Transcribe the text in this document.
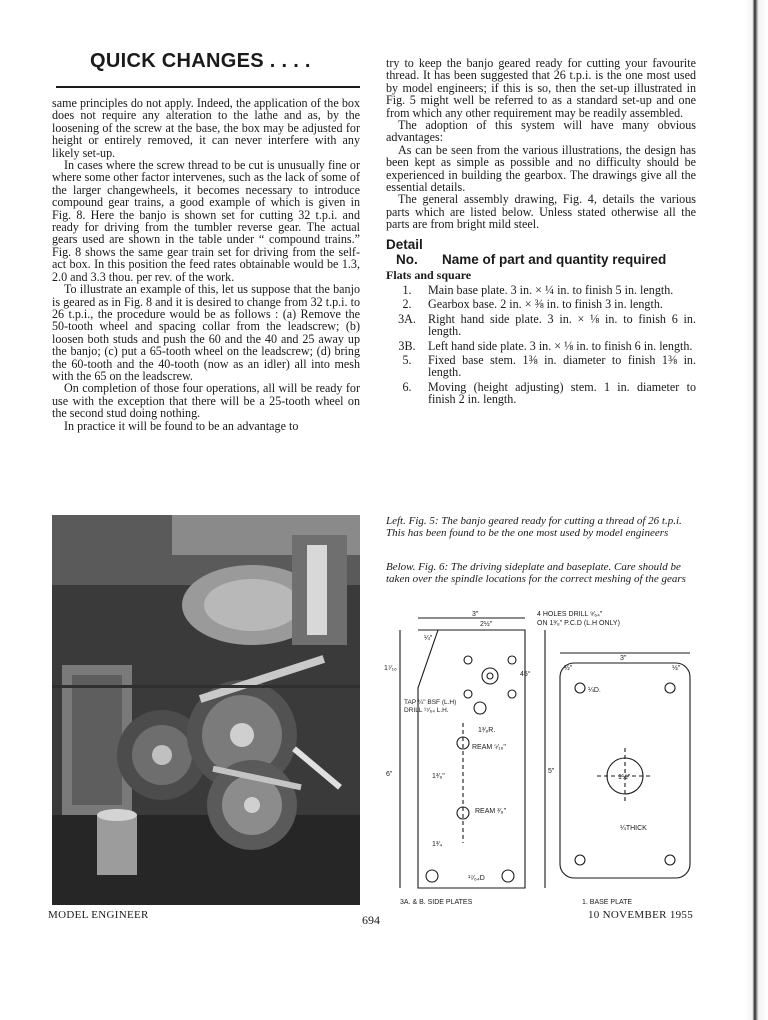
QUICK CHANGES . . . .

same principles do not apply. Indeed, the application of the box does not require any alteration to the lathe and as, by the loosening of the screw at the base, the box may be adjusted for height or entirely removed, it can never interfere with any likely set-up.

In cases where the screw thread to be cut is unusually fine or where some other factor intervenes, such as the lack of some of the larger changewheels, it becomes necessary to introduce compound gear trains, a good example of which is given in Fig. 8. Here the banjo is shown set for cutting 32 t.p.i. and ready for driving from the tumbler reverse gear. The actual gears used are shown in the table under “ compound trains.” Fig. 8 shows the same gear train set for driving from the self-act box. In this position the feed rates obtainable would be 1.3, 2.0 and 3.3 thou. per rev. of the work.

To illustrate an example of this, let us suppose that the banjo is geared as in Fig. 8 and it is desired to change from 32 t.p.i. to 26 t.p.i., the procedure would be as follows : (a) Remove the 50-tooth wheel and spacing collar from the leadscrew; (b) loosen both studs and push the 60 and the 40 and 25 away up the banjo; (c) put a 65-tooth wheel on the leadscrew; (d) bring the 60-tooth and the 40-tooth (now as an idler) all into mesh with the 65 on the leadscrew.

On completion of those four operations, all will be ready for use with the exception that there will be a 25-tooth wheel on the second stud doing nothing.

In practice it will be found to be an advantage to

try to keep the banjo geared ready for cutting your favourite thread. It has been suggested that 26 t.p.i. is the one most used by model engineers; if this is so, then the set-up illustrated in Fig. 5 might well be referred to as a standard set-up and one from which any other requirement may be readily assembled.

The adoption of this system will have many obvious advantages:

As can be seen from the various illustrations, the design has been kept as simple as possible and no difficulty should be experienced in building the gearbox. The drawings give all the essential details.

The general assembly drawing, Fig. 4, details the various parts which are listed below. Unless stated otherwise all the parts are from bright mild steel.

Detail
No.	Name of part and quantity required
Flats and square
1.	Main base plate. 3 in. × ¼ in. to finish 5 in. length.
2.	Gearbox base. 2 in. × ⅜ in. to finish 3 in. length.
3A. Right hand side plate. 3 in. × ⅛ in. to finish 6 in. length.
3B.	Left hand side plate. 3 in. × ⅛ in. to finish 6 in. length.
5.	Fixed base stem. 1⅜ in. diameter to finish 1⅜ in. length.
6.	Moving (height adjusting) stem. 1 in. diameter to finish 2 in. length.
Left. Fig. 5: The banjo geared ready for cutting a thread of 26 t.p.i. This has been found to be the one most used by model engineers
Below. Fig. 6: The driving sideplate and baseplate. Care should be taken over the spindle locations for the correct meshing of the gears
3"
2½"
¼"
1⁷⁄₁₆
45°
4 HOLES DRILL ⁹⁄₆₄"
ON 1³⁄₈" P.C.D (L.H ONLY)
TAP ¼" BSF (L.H)
DRILL ¹⁷⁄₆₄ L.H.
1³⁄₈R.
REAM ⁵⁄₁₆"
1³⁄₈"
6"
REAM ³⁄₈"
1³⁄₄
¹⁷⁄₆₄D
3"
½"	½"
¼D.
5"
1½"
¼THICK
3A. & B. SIDE PLATES	1. BASE PLATE
MODEL ENGINEER	694	10 NOVEMBER 1955
